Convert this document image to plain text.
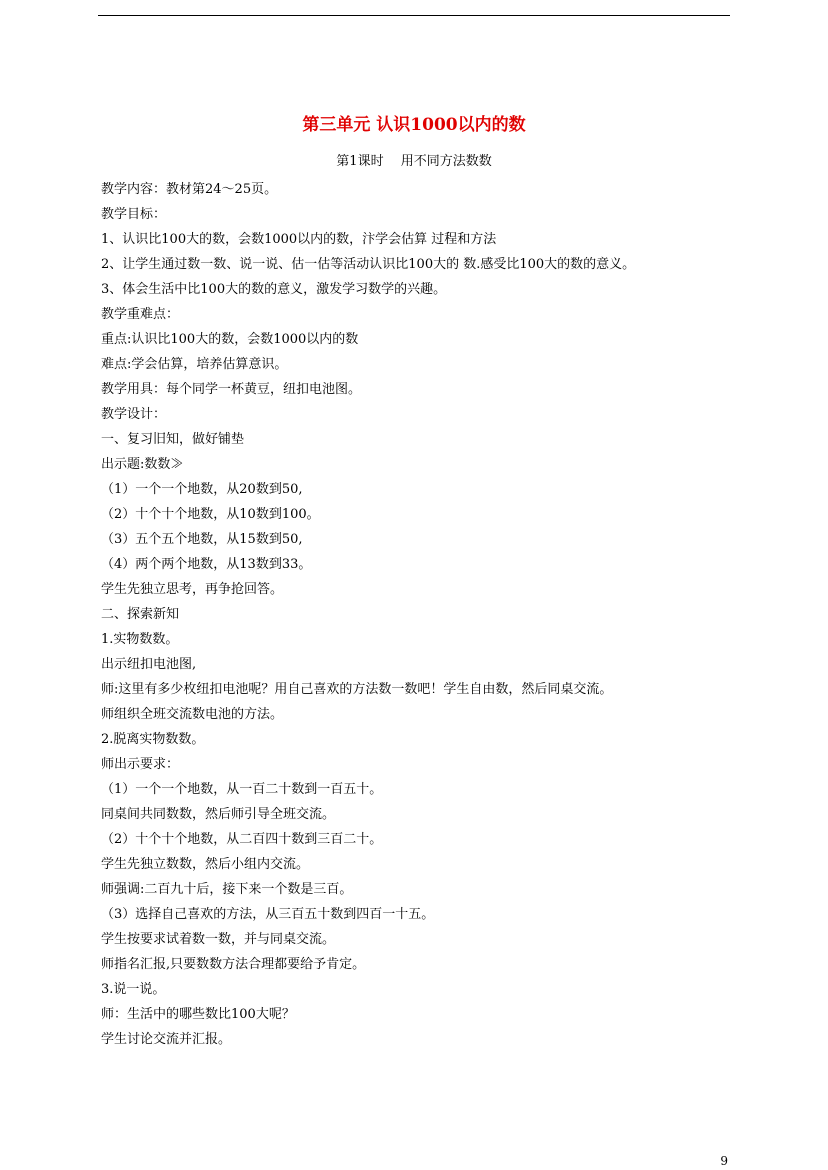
第三单元 认识1000以内的数
第1课时　 用不同方法数数
教学内容：教材第24～25页。
教学目标：
1、认识比100大的数，会数1000以内的数，汴学会估算 过程和方法
2、让学生通过数一数、说一说、估一估等活动认识比100大的 数.感受比100大的数的意义。
3、体会生活中比100大的数的意义，激发学习数学的兴趣。
教学重难点：
重点:认识比100大的数，会数1000以内的数
难点:学会估算，培养估算意识。
教学用具：每个同学一杯黄豆，纽扣电池图。
教学设计：
一、复习旧知，做好铺垫
出示题:数数≫
（1）一个一个地数，从20数到50,
（2）十个十个地数，从10数到100。
（3）五个五个地数，从15数到50,
（4）两个两个地数，从13数到33。
学生先独立思考，再争抢回答。
二、探索新知
1.实物数数。
出示纽扣电池图,
师:这里有多少枚纽扣电池呢？用自己喜欢的方法数一数吧！学生自由数，然后同桌交流。
师组织全班交流数电池的方法。
2.脱离实物数数。
师出示要求：
（1）一个一个地数，从一百二十数到一百五十。
同桌间共同数数，然后师引导全班交流。
（2）十个十个地数，从二百四十数到三百二十。
学生先独立数数，然后小组内交流。
师强调:二百九十后，接下来一个数是三百。
（3）选择自己喜欢的方法，从三百五十数到四百一十五。
学生按要求试着数一数，并与同桌交流。
师指名汇报,只要数数方法合理都要给予肯定。
3.说一说。
师：生活中的哪些数比100大呢？
学生讨论交流并汇报。
9
